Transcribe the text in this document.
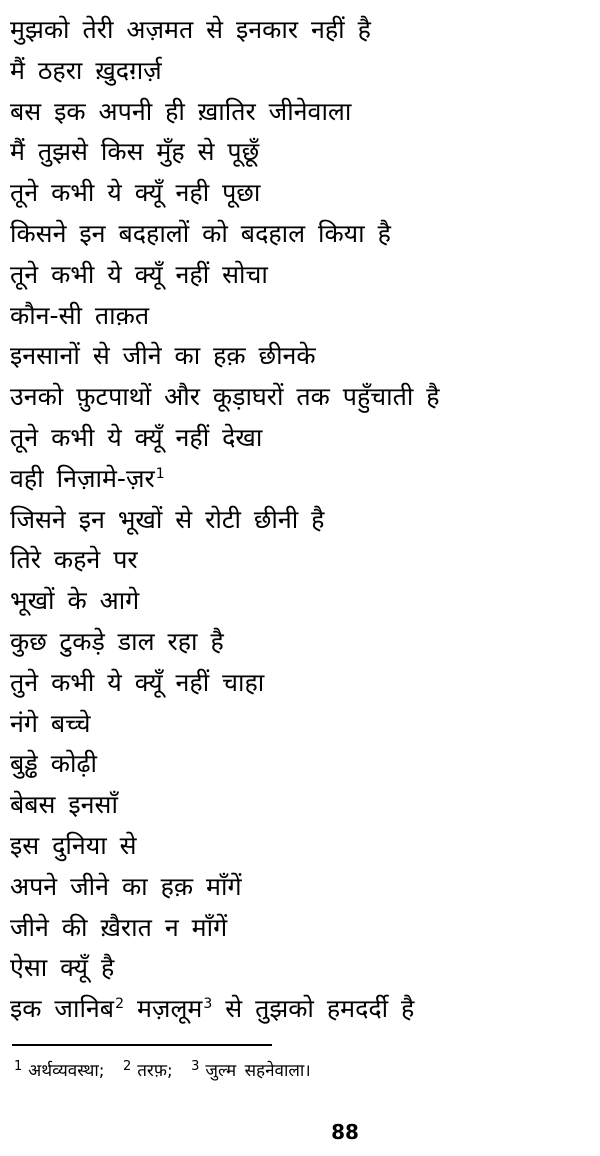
मुझको तेरी अज़मत से इनकार नहीं है
मैं ठहरा ख़ुदग़र्ज़
बस इक अपनी ही ख़ातिर जीनेवाला
मैं तुझसे किस मुँह से पूछूँ
तूने कभी ये क्यूँ नही पूछा
किसने इन बदहालों को बदहाल किया है
तूने कभी ये क्यूँ नहीं सोचा
कौन-सी ताक़त
इनसानों से जीने का हक़ छीनके
उनको फ़ुटपाथों और कूड़ाघरों तक पहुँचाती है
तूने कभी ये क्यूँ नहीं देखा
वही निज़ामे-ज़र$^1$
जिसने इन भूखों से रोटी छीनी है
तिरे कहने पर
भूखों के आगे
कुछ टुकड़े डाल रहा है
तुने कभी ये क्यूँ नहीं चाहा
नंगे बच्चे
बुड्ढे कोढ़ी
बेबस इनसाँ
इस दुनिया से
अपने जीने का हक़ माँगें
जीने की ख़ैरात न माँगें
ऐसा क्यूँ है
इक जानिब$^2$ मज़लूम$^3$ से तुझको हमदर्दी है
$^1$ अर्थव्यवस्था; $^2$ तरफ़; $^3$ जुल्म सहनेवाला।
88
